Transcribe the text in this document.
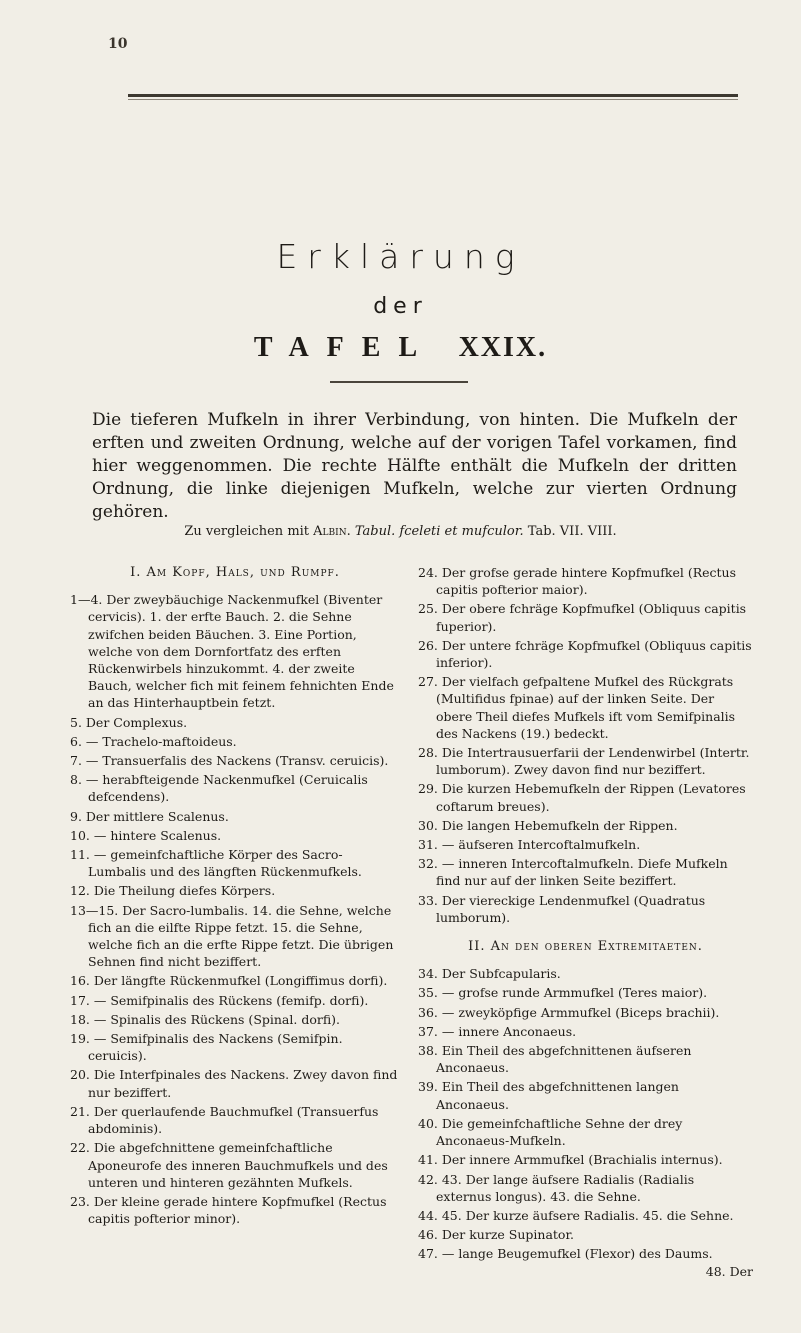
10
Erklärung
der
TAFEL XXIX.

Die tieferen Mufkeln in ihrer Verbindung, von hinten. Die Mufkeln der erften und zweiten Ordnung, welche auf der vorigen Tafel vorkamen, find hier weggenommen. Die rechte Hälfte enthält die Mufkeln der dritten Ordnung, die linke diejenigen Mufkeln, welche zur vierten Ordnung gehören.

Zu vergleichen mit Albin. Tabul. fceleti et mufculor. Tab. VII. VIII.
I. Am Kopf, Hals, und Rumpf.
1—4. Der zweybäuchige Nackenmufkel (Biventer cervicis). 1. der erfte Bauch. 2. die Sehne zwifchen beiden Bäuchen. 3. Eine Portion, welche von dem Dornfortfatz des erften Rückenwirbels hinzukommt. 4. der zweite Bauch, welcher fich mit feinem fehnichten Ende an das Hinterhauptbein fetzt.
5. Der Complexus.
6. — Trachelo-maftoideus.
7. — Transuerfalis des Nackens (Transv. ceruicis).
8. — herabfteigende Nackenmufkel (Ceruicalis defcendens).
9. Der mittlere Scalenus.
10. — hintere Scalenus.
11. — gemeinfchaftliche Körper des Sacro-Lumbalis und des längften Rückenmufkels.
12. Die Theilung diefes Körpers.
13—15. Der Sacro-lumbalis. 14. die Sehne, welche fich an die eilfte Rippe fetzt. 15. die Sehne, welche fich an die erfte Rippe fetzt. Die übrigen Sehnen find nicht beziffert.
16. Der längfte Rückenmufkel (Longiffimus dorfi).
17. — Semifpinalis des Rückens (femifp. dorfi).
18. — Spinalis des Rückens (Spinal. dorfi).
19. — Semifpinalis des Nackens (Semifpin. ceruicis).
20. Die Interfpinales des Nackens. Zwey davon find nur beziffert.
21. Der querlaufende Bauchmufkel (Transuerfus abdominis).
22. Die abgefchnittene gemeinfchaftliche Aponeurofe des inneren Bauchmufkels und des unteren und hinteren gezähnten Mufkels.
23. Der kleine gerade hintere Kopfmufkel (Rectus capitis pofterior minor).
24. Der grofse gerade hintere Kopfmufkel (Rectus capitis pofterior maior).
25. Der obere fchräge Kopfmufkel (Obliquus capitis fuperior).
26. Der untere fchräge Kopfmufkel (Obliquus capitis inferior).
27. Der vielfach gefpaltene Mufkel des Rückgrats (Multifidus fpinae) auf der linken Seite. Der obere Theil diefes Mufkels ift vom Semifpinalis des Nackens (19.) bedeckt.
28. Die Intertrausuerfarii der Lendenwirbel (Intertr. lumborum). Zwey davon find nur beziffert.
29. Die kurzen Hebemufkeln der Rippen (Levatores coftarum breues).
30. Die langen Hebemufkeln der Rippen.
31. — äufseren Intercoftalmufkeln.
32. — inneren Intercoftalmufkeln. Diefe Mufkeln find nur auf der linken Seite beziffert.
33. Der viereckige Lendenmufkel (Quadratus lumborum).
II. An den oberen Extremitaeten.
34. Der Subfcapularis.
35. — grofse runde Armmufkel (Teres maior).
36. — zweyköpfige Armmufkel (Biceps brachii).
37. — innere Anconaeus.
38. Ein Theil des abgefchnittenen äufseren Anconaeus.
39. Ein Theil des abgefchnittenen langen Anconaeus.
40. Die gemeinfchaftliche Sehne der drey Anconaeus-Mufkeln.
41. Der innere Armmufkel (Brachialis internus).
42. 43. Der lange äufsere Radialis (Radialis externus longus). 43. die Sehne.
44. 45. Der kurze äufsere Radialis. 45. die Sehne.
46. Der kurze Supinator.
47. — lange Beugemufkel (Flexor) des Daums.
48. Der
